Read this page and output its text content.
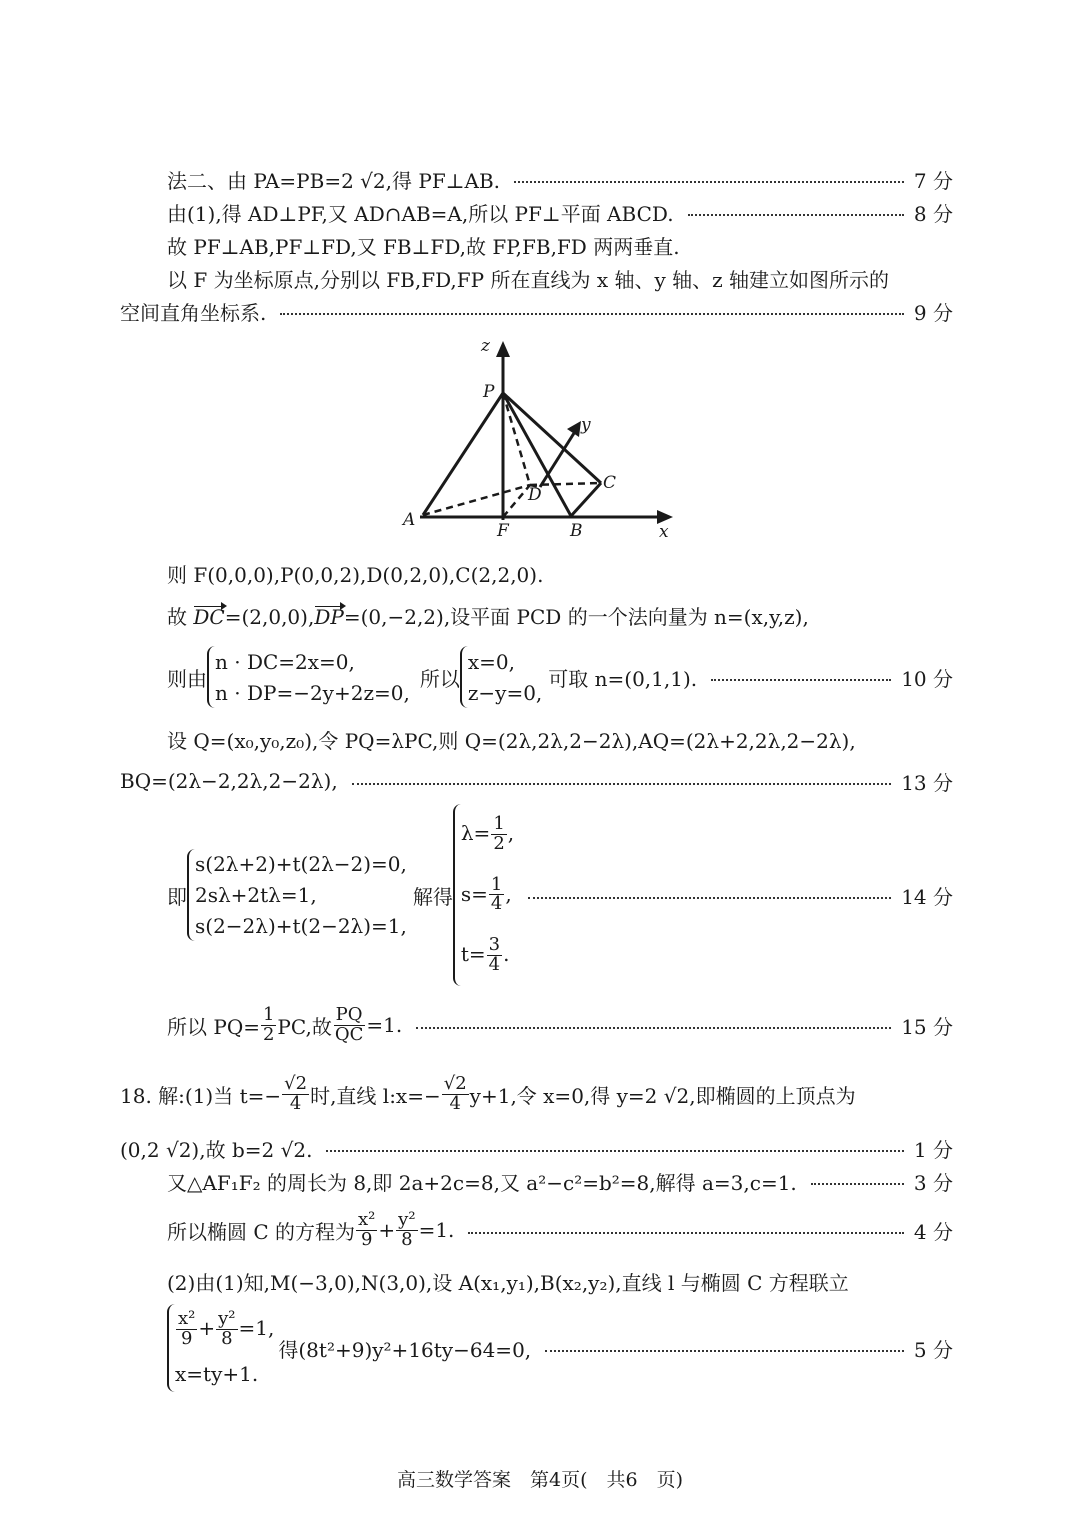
法二、由 PA=PB=2 √2,得 PF⊥AB.	7 分
由(1),得 AD⊥PF,又 AD∩AB=A,所以 PF⊥平面 ABCD.	8 分
故 PF⊥AB,PF⊥FD,又 FB⊥FD,故 FP,FB,FD 两两垂直.
以 F 为坐标原点,分别以 FB,FD,FP 所在直线为 x 轴、y 轴、z 轴建立如图所示的
空间直角坐标系.	9 分
z
y
x
P
A
F	B
C
D
则 F(0,0,0),P(0,0,2),D(0,2,0),C(2,2,0).
故 DC=(2,0,0),DP=(0,−2,2),设平面 PCD 的一个法向量为 n=(x,y,z),
则由
n · DC=2x=0,
n · DP=−2y+2z=0,
所以
x=0,
z−y=0,
可取 n=(0,1,1).	10 分
设 Q=(x₀,y₀,z₀),令 PQ=λPC,则 Q=(2λ,2λ,2−2λ),AQ=(2λ+2,2λ,2−2λ),
BQ=(2λ−2,2λ,2−2λ),	13 分
即
s(2λ+2)+t(2λ−2)=0,
2sλ+2tλ=1,
s(2−2λ)+t(2−2λ)=1,
解得
$\lambda= \frac{1}{2}$ ,
$s= \frac{1}{4}$ ,
$t= \frac{3}{4}$ .
14 分
所以 $PQ= \frac{1}{2}$ PC,故 $\frac{PQ}{QC} =1$.	15 分
18. 解:(1)当 $t=- \frac{√2}{4}$ 时,直线 l:x=− $\frac{√2}{4} y+1$,令 x=0,得 y=2 √2,即椭圆的上顶点为
(0,2 √2),故 b=2 √2.	1 分
又△AF₁F₂ 的周长为 8,即 2a+2c=8,又 a²−c²=b²=8,解得 a=3,c=1.	3 分
所以椭圆 C 的方程为 $\frac{\text{x²}}{9} + \frac{\text{y²}}{8} =1$.	4 分
(2)由(1)知,M(−3,0),N(3,0),设 A(x₁,y₁),B(x₂,y₂),直线 l 与椭圆 C 方程联立
$\frac{\text{x²}}{9} + \frac{\text{y²}}{8} =1$,
x=ty+1.
得(8t²+9)y²+16ty−64=0,	5 分
高三数学答案　第4页(　共6　页)
